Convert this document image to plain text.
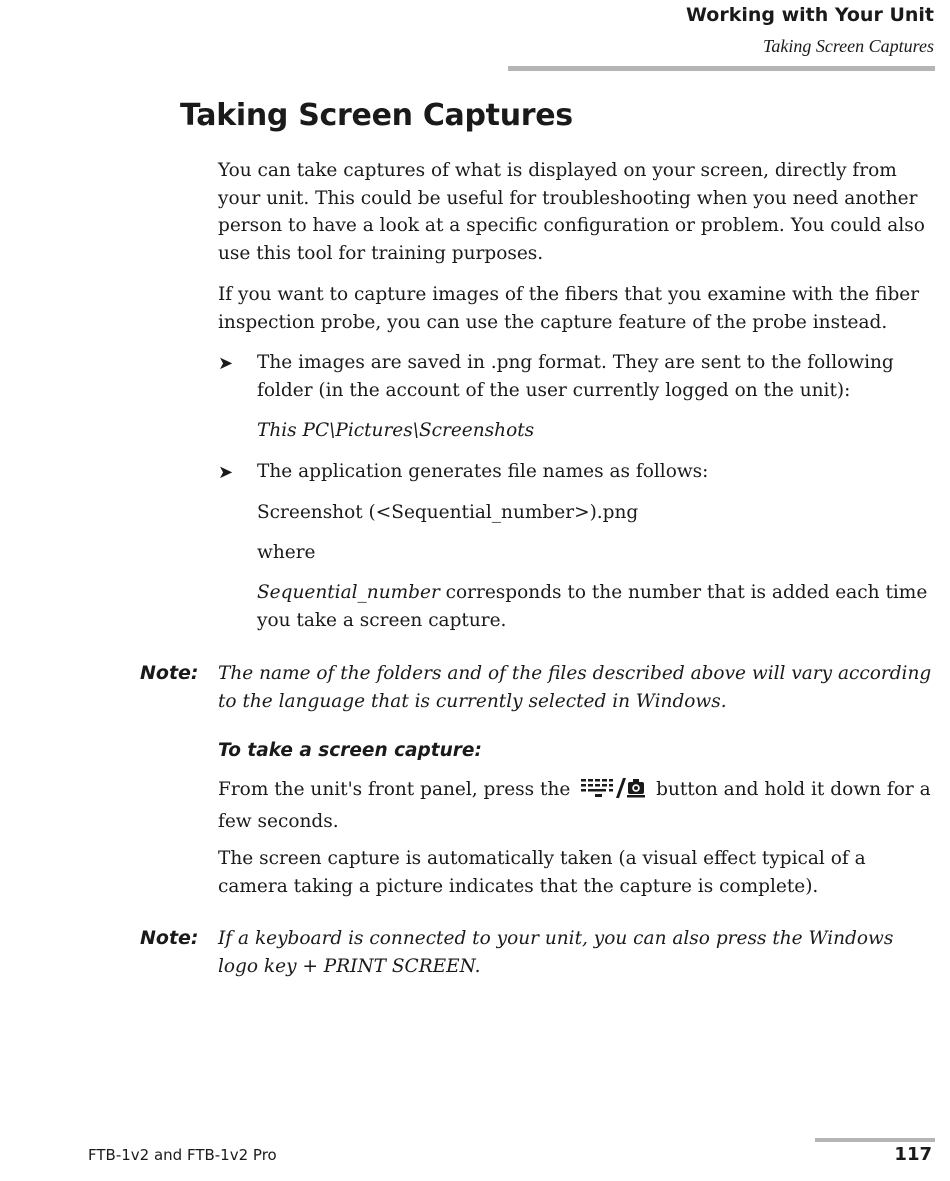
Working with Your Unit
Taking Screen Captures
Taking Screen Captures

You can take captures of what is displayed on your screen, directly from your unit. This could be useful for troubleshooting when you need another person to have a look at a specific configuration or problem. You could also use this tool for training purposes.

If you want to capture images of the fibers that you examine with the fiber inspection probe, you can use the capture feature of the probe instead.

➤ The images are saved in .png format. They are sent to the following folder (in the account of the user currently logged on the unit):

This PC\Pictures\Screenshots

➤ The application generates file names as follows:

Screenshot (<Sequential_number>).png

where

Sequential_number corresponds to the number that is added each time you take a screen capture.

Note: The name of the folders and of the files described above will vary according to the language that is currently selected in Windows.

To take a screen capture:

From the unit's front panel, press the	button and hold it down for a few seconds.

The screen capture is automatically taken (a visual effect typical of a camera taking a picture indicates that the capture is complete).

Note: If a keyboard is connected to your unit, you can also press the Windows logo key + PRINT SCREEN.

FTB-1v2 and FTB-1v2 Pro	117
